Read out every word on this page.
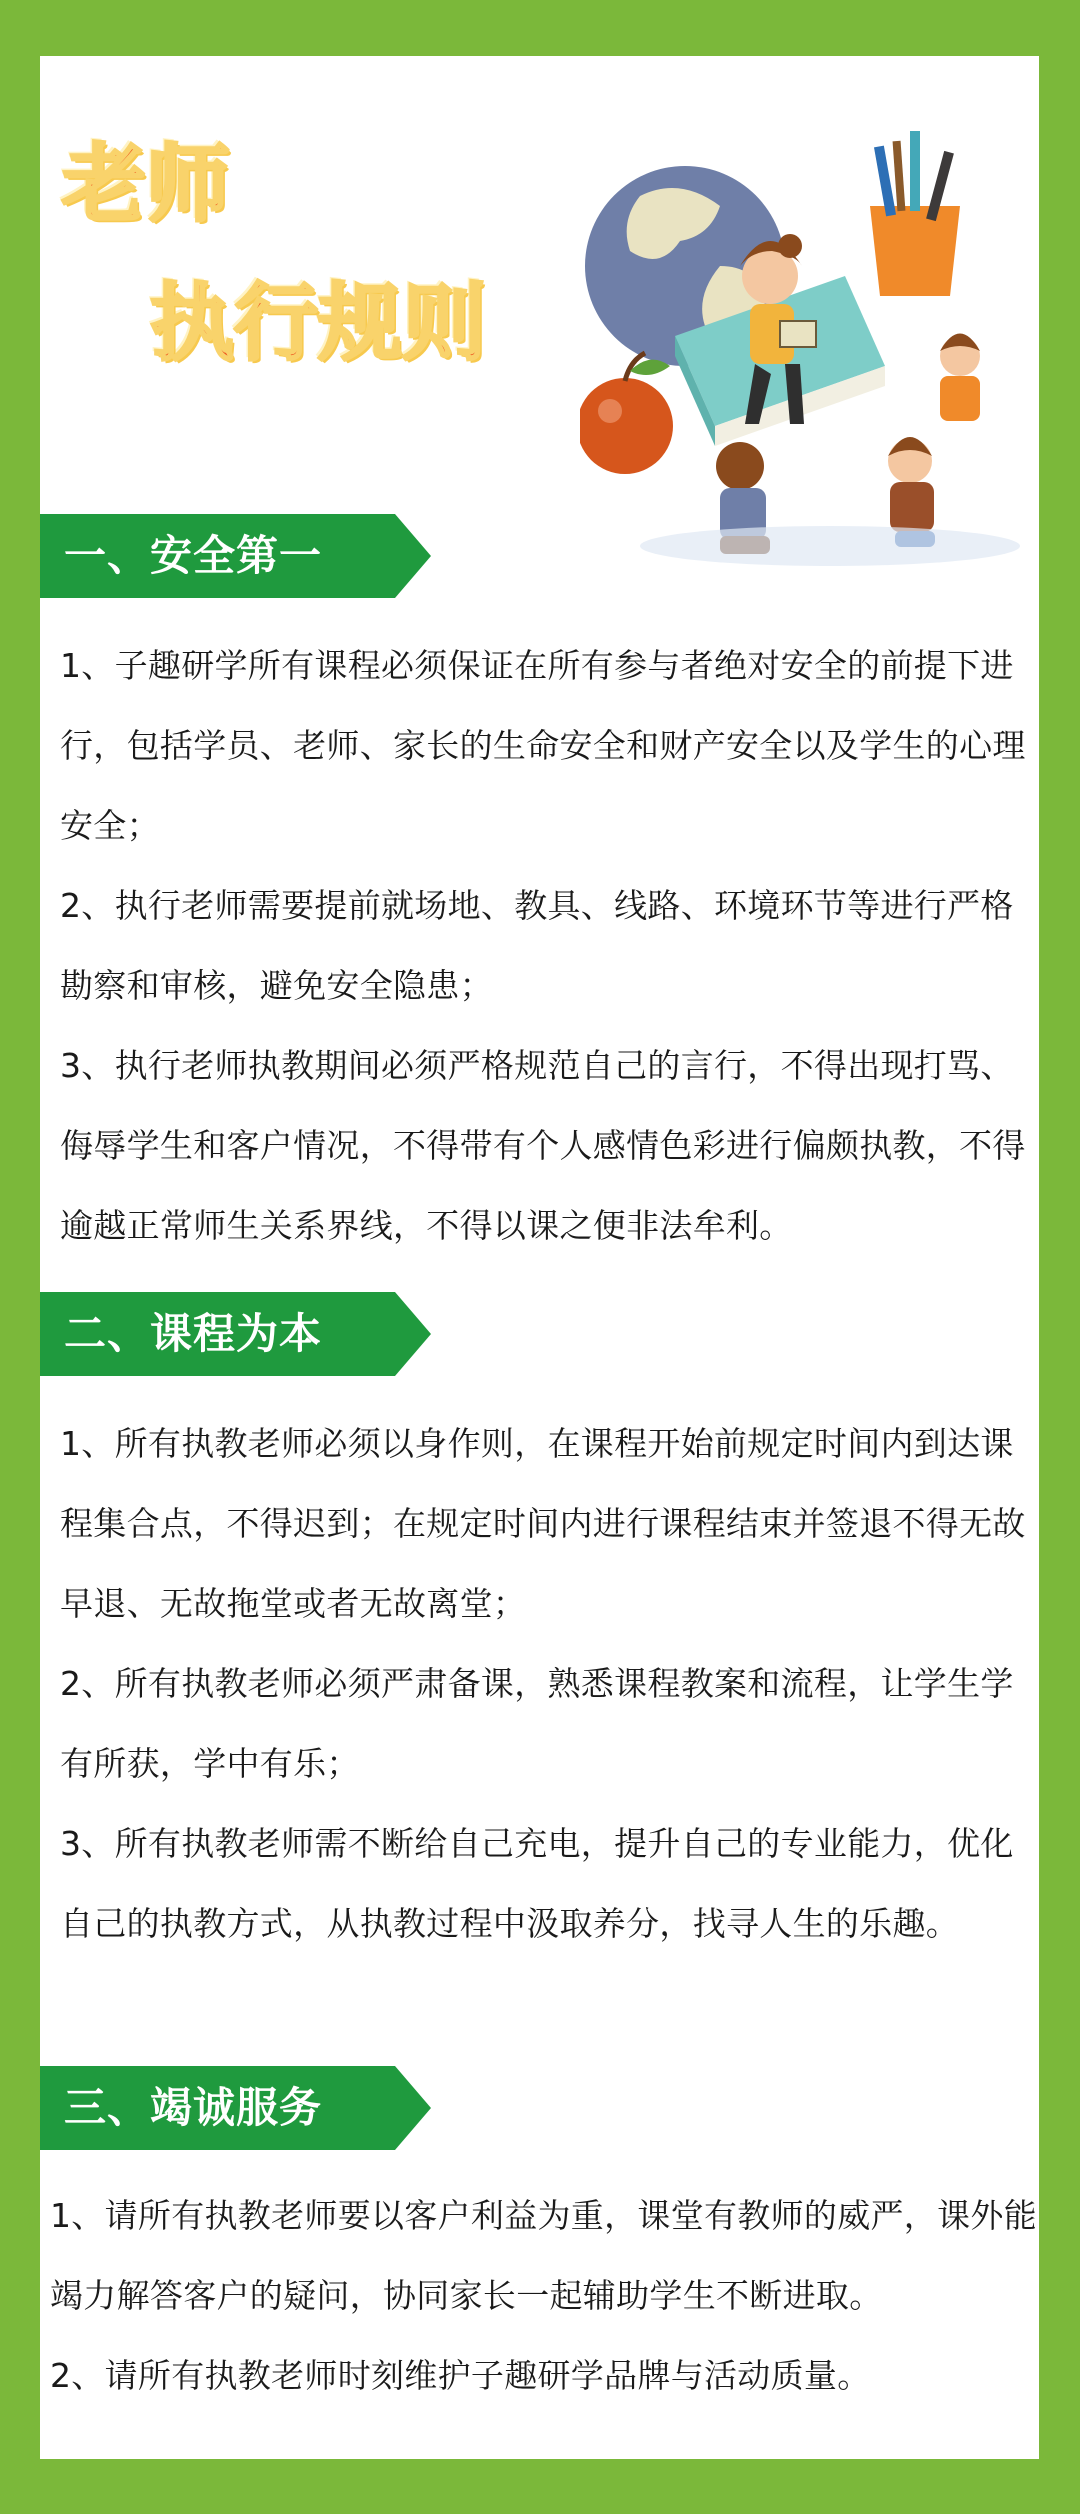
老师
执行规则
一、安全第一

1、子趣研学所有课程必须保证在所有参与者绝对安全的前提下进行，包括学员、老师、家长的生命安全和财产安全以及学生的心理安全；

2、执行老师需要提前就场地、教具、线路、环境环节等进行严格勘察和审核，避免安全隐患；

3、执行老师执教期间必须严格规范自己的言行，不得出现打骂、侮辱学生和客户情况，不得带有个人感情色彩进行偏颇执教，不得逾越正常师生关系界线，不得以课之便非法牟利。

二、课程为本

1、所有执教老师必须以身作则，在课程开始前规定时间内到达课程集合点，不得迟到；在规定时间内进行课程结束并签退不得无故早退、无故拖堂或者无故离堂；

2、所有执教老师必须严肃备课，熟悉课程教案和流程，让学生学有所获，学中有乐；

3、所有执教老师需不断给自己充电，提升自己的专业能力，优化自己的执教方式，从执教过程中汲取养分，找寻人生的乐趣。

三、竭诚服务

1、请所有执教老师要以客户利益为重，课堂有教师的威严，课外能竭力解答客户的疑问，协同家长一起辅助学生不断进取。

2、请所有执教老师时刻维护子趣研学品牌与活动质量。
